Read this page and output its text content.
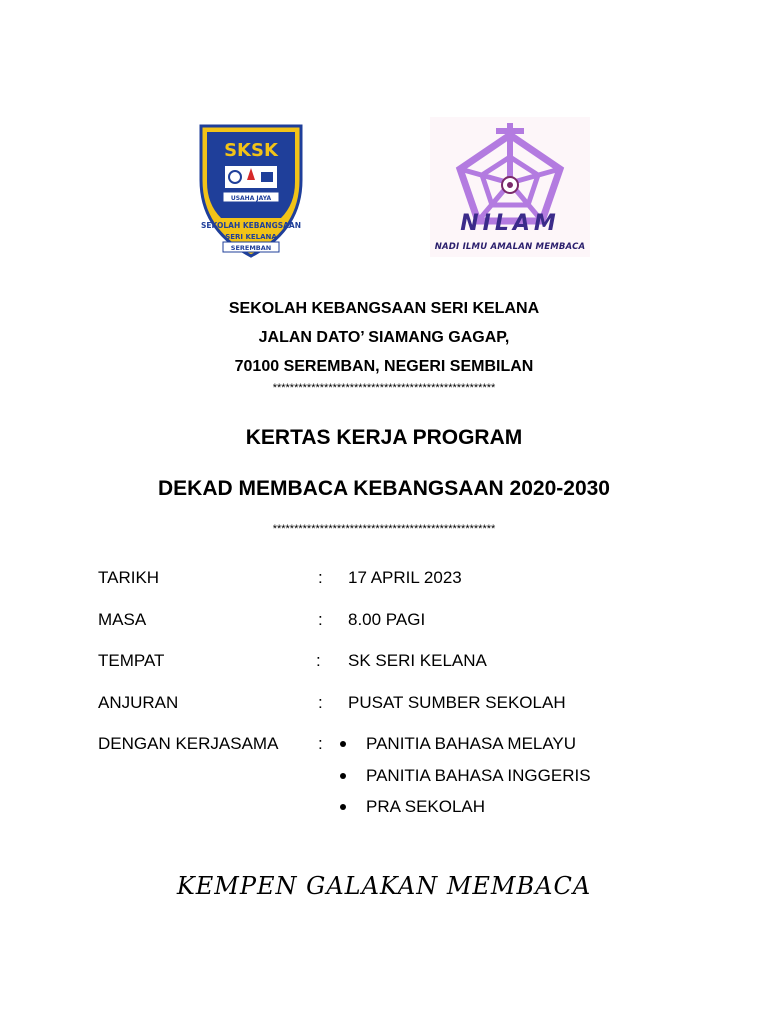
SKSK
USAHA JAYA
SEKOLAH KEBANGSAAN
SERI KELANA
SEREMBAN
NILAM
NADI ILMU AMALAN MEMBACA
SEKOLAH KEBANGSAAN SERI KELANA
JALAN DATO’ SIAMANG GAGAP,
70100 SEREMBAN, NEGERI SEMBILAN
****************************************************
KERTAS KERJA PROGRAM
DEKAD MEMBACA KEBANGSAAN 2020-2030
****************************************************
TARIKH	: 17 APRIL 2023
MASA	: 8.00 PAGI
TEMPAT	: SK SERI KELANA
ANJURAN	: PUSAT SUMBER SEKOLAH
DENGAN KERJASAMA :	PANITIA BAHASA MELAYU
PANITIA BAHASA INGGERIS
PRA SEKOLAH
KEMPEN GALAKAN MEMBACA
